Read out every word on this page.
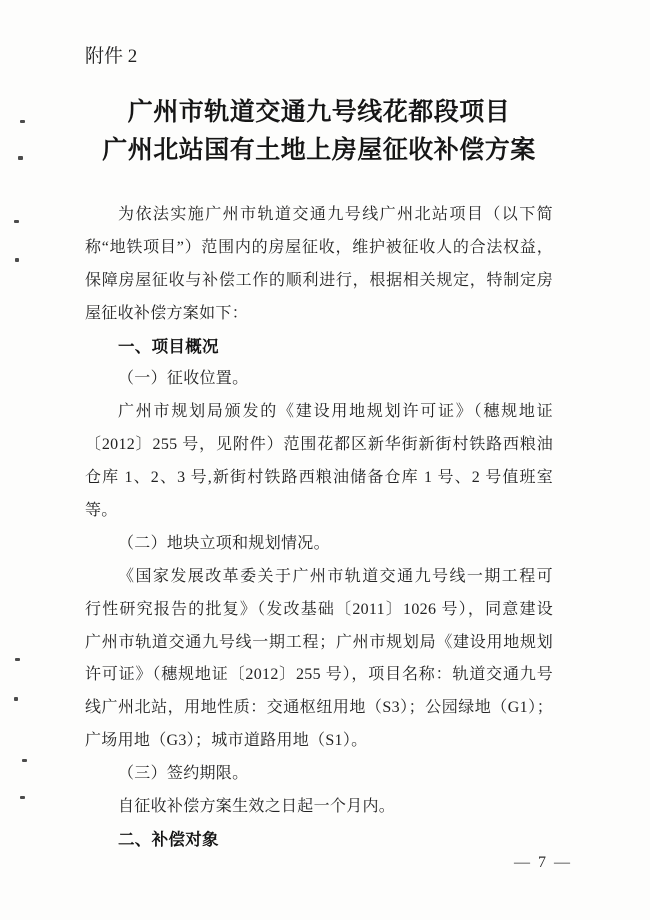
附件 2
广州市轨道交通九号线花都段项目
广州北站国有土地上房屋征收补偿方案
为依法实施广州市轨道交通九号线广州北站项目（以下简
称“地铁项目”）范围内的房屋征收，维护被征收人的合法权益，
保障房屋征收与补偿工作的顺利进行，根据相关规定，特制定房
屋征收补偿方案如下：
一、项目概况
（一）征收位置。
广州市规划局颁发的《建设用地规划许可证》（穗规地证
〔2012〕255 号，见附件）范围花都区新华街新街村铁路西粮油
仓库 1、2、3 号,新街村铁路西粮油储备仓库 1 号、2 号值班室
等。
（二）地块立项和规划情况。
《国家发展改革委关于广州市轨道交通九号线一期工程可
行性研究报告的批复》（发改基础〔2011〕1026 号），同意建设
广州市轨道交通九号线一期工程；广州市规划局《建设用地规划
许可证》（穗规地证〔2012〕255 号），项目名称：轨道交通九号
线广州北站，用地性质：交通枢纽用地（S3）；公园绿地（G1）；
广场用地（G3）；城市道路用地（S1）。
（三）签约期限。
自征收补偿方案生效之日起一个月内。
二、补偿对象
— 7 —
